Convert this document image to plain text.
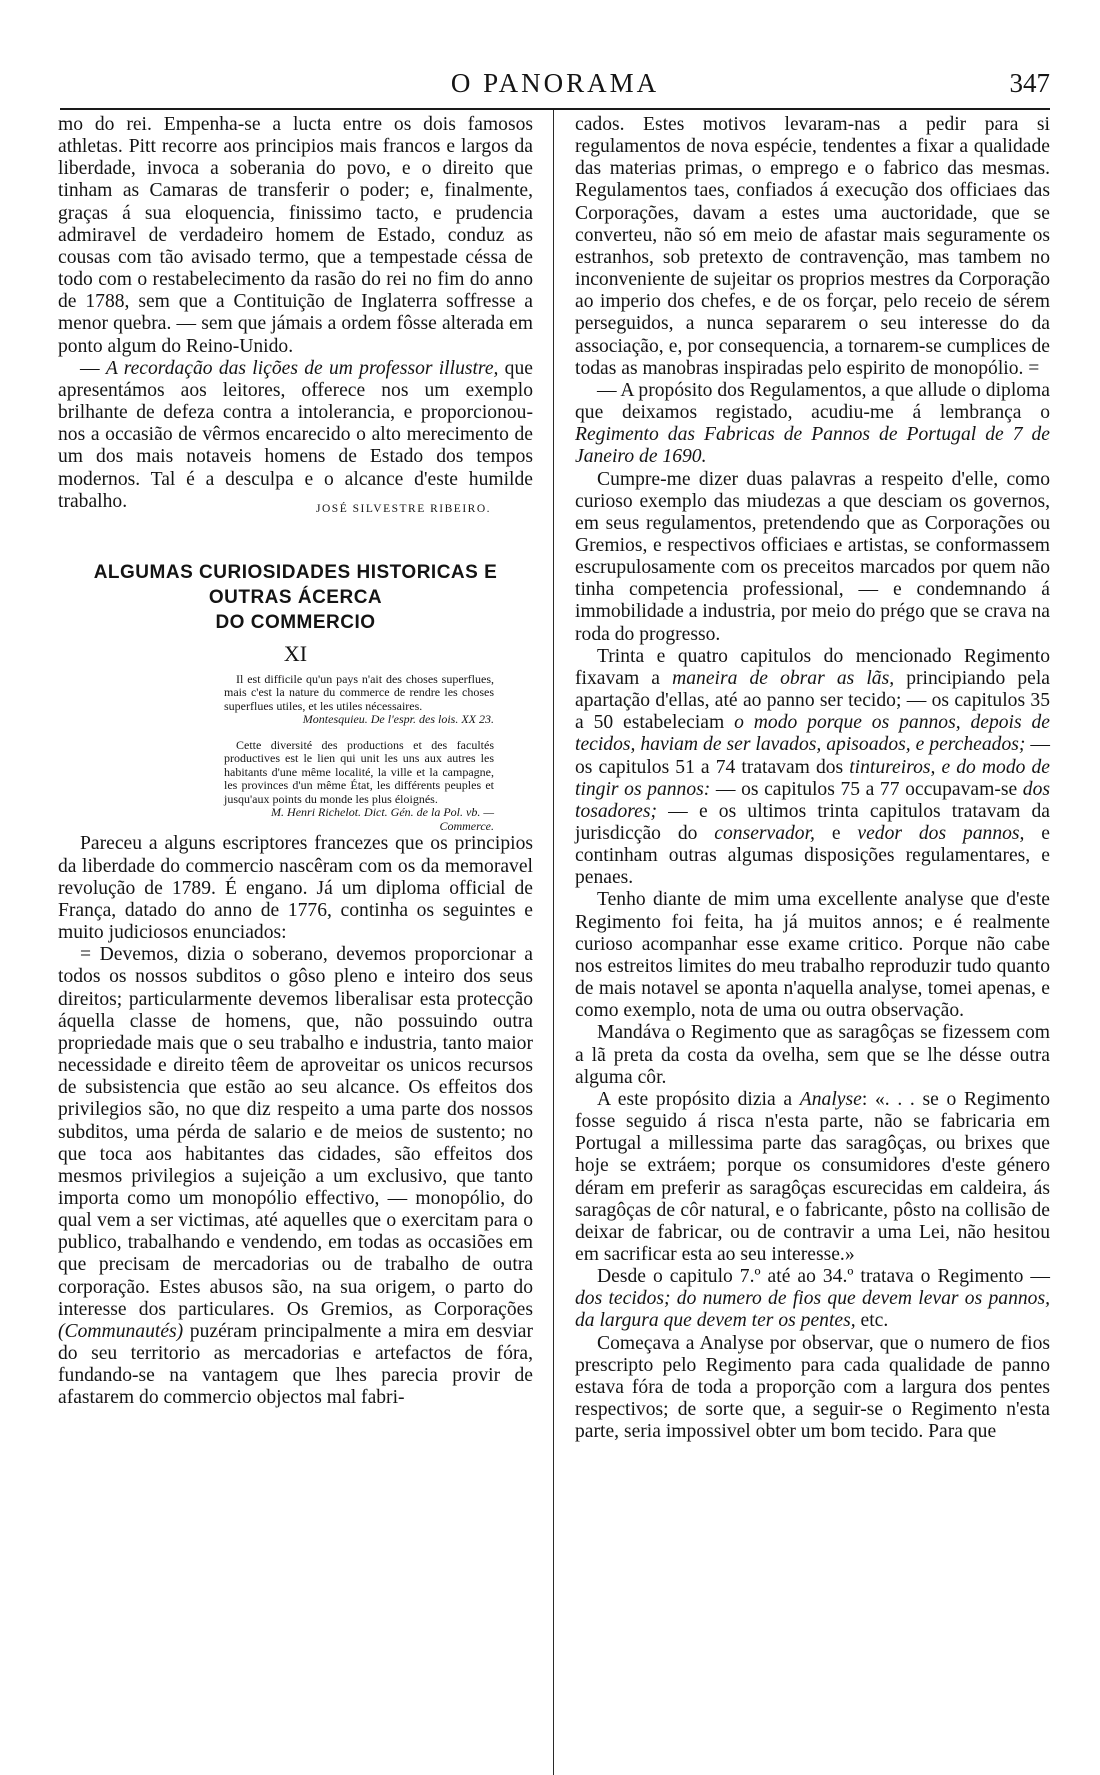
O PANORAMA	347

mo do rei. Empenha-se a lucta entre os dois famosos athletas. Pitt recorre aos principios mais francos e largos da liberdade, invoca a soberania do povo, e o direito que tinham as Camaras de transferir o poder; e, finalmente, graças á sua eloquencia, finissimo tacto, e prudencia admiravel de verdadeiro homem de Estado, conduz as cousas com tão avisado termo, que a tempestade céssa de todo com o restabelecimento da rasão do rei no fim do anno de 1788, sem que a Contituição de Inglaterra soffresse a menor quebra. — sem que jámais a ordem fôsse alterada em ponto algum do Reino-Unido.

— A recordação das lições de um professor illustre, que apresentámos aos leitores, offerece nos um exemplo brilhante de defeza contra a intolerancia, e proporcionou-nos a occasião de vêrmos encarecido o alto merecimento de um dos mais notaveis homens de Estado dos tempos modernos. Tal é a desculpa e o alcance d'este humilde trabalho.	JOSÉ SILVESTRE RIBEIRO.

ALGUMAS CURIOSIDADES HISTORICAS E OUTRAS ÁCERCA
DO COMMERCIO
XI

Il est difficile qu'un pays n'ait des choses superflues, mais c'est la nature du commerce de rendre les choses superflues utiles, et les utiles nécessaires.

Montesquieu. De l'espr. des lois. XX 23.

Cette diversité des productions et des facultés productives est le lien qui unit les uns aux autres les habitants d'une même localité, la ville et la campagne, les provinces d'un même État, les différents peuples et jusqu'aux points du monde les plus éloignés.

M. Henri Richelot. Dict. Gén. de la Pol. vb. — Commerce.

Pareceu a alguns escriptores francezes que os principios da liberdade do commercio nascêram com os da memoravel revolução de 1789. É engano. Já um diploma official de França, datado do anno de 1776, continha os seguintes e muito judiciosos enunciados:

= Devemos, dizia o soberano, devemos proporcionar a todos os nossos subditos o gôso pleno e inteiro dos seus direitos; particularmente devemos liberalisar esta protecção áquella classe de homens, que, não possuindo outra propriedade mais que o seu trabalho e industria, tanto maior necessidade e direito têem de aproveitar os unicos recursos de subsistencia que estão ao seu alcance. Os effeitos dos privilegios são, no que diz respeito a uma parte dos nossos subditos, uma pérda de salario e de meios de sustento; no que toca aos habitantes das cidades, são effeitos dos mesmos privilegios a sujeição a um exclusivo, que tanto importa como um monopólio effectivo, — monopólio, do qual vem a ser victimas, até aquelles que o exercitam para o publico, trabalhando e vendendo, em todas as occasiões em que precisam de mercadorias ou de trabalho de outra corporação. Estes abusos são, na sua origem, o parto do interesse dos particulares. Os Gremios, as Corporações (Communautés) puzéram principalmente a mira em desviar do seu territorio as mercadorias e artefactos de fóra, fundando-se na vantagem que lhes parecia provir de afastarem do commercio objectos mal fabri-

cados. Estes motivos levaram-nas a pedir para si regulamentos de nova espécie, tendentes a fixar a qualidade das materias primas, o emprego e o fabrico das mesmas. Regulamentos taes, confiados á execução dos officiaes das Corporações, davam a estes uma auctoridade, que se converteu, não só em meio de afastar mais seguramente os estranhos, sob pretexto de contravenção, mas tambem no inconveniente de sujeitar os proprios mestres da Corporação ao imperio dos chefes, e de os forçar, pelo receio de sérem perseguidos, a nunca separarem o seu interesse do da associação, e, por consequencia, a tornarem-se cumplices de todas as manobras inspiradas pelo espirito de monopólio. =

— A propósito dos Regulamentos, a que allude o diploma que deixamos registado, acudiu-me á lembrança o Regimento das Fabricas de Pannos de Portugal de 7 de Janeiro de 1690.

Cumpre-me dizer duas palavras a respeito d'elle, como curioso exemplo das miudezas a que desciam os governos, em seus regulamentos, pretendendo que as Corporações ou Gremios, e respectivos officiaes e artistas, se conformassem escrupulosamente com os preceitos marcados por quem não tinha competencia professional, — e condemnando á immobilidade a industria, por meio do prégo que se crava na roda do progresso.

Trinta e quatro capitulos do mencionado Regimento fixavam a maneira de obrar as lãs, principiando pela apartação d'ellas, até ao panno ser tecido; — os capitulos 35 a 50 estabeleciam o modo porque os pannos, depois de tecidos, haviam de ser lavados, apisoados, e percheados; — os capitulos 51 a 74 tratavam dos tintureiros, e do modo de tingir os pannos: — os capitulos 75 a 77 occupavam-se dos tosadores; — e os ultimos trinta capitulos tratavam da jurisdicção do conservador, e vedor dos pannos, e continham outras algumas disposições regulamentares, e penaes.

Tenho diante de mim uma excellente analyse que d'este Regimento foi feita, ha já muitos annos; e é realmente curioso acompanhar esse exame critico. Porque não cabe nos estreitos limites do meu trabalho reproduzir tudo quanto de mais notavel se aponta n'aquella analyse, tomei apenas, e como exemplo, nota de uma ou outra observação.

Mandáva o Regimento que as saragôças se fizessem com a lã preta da costa da ovelha, sem que se lhe désse outra alguma côr.

A este propósito dizia a Analyse: «. . . se o Regimento fosse seguido á risca n'esta parte, não se fabricaria em Portugal a millessima parte das saragôças, ou brixes que hoje se extráem; porque os consumidores d'este género déram em preferir as saragôças escurecidas em caldeira, ás saragôças de côr natural, e o fabricante, pôsto na collisão de deixar de fabricar, ou de contravir a uma Lei, não hesitou em sacrificar esta ao seu interesse.»

Desde o capitulo 7.º até ao 34.º tratava o Regimento — dos tecidos; do numero de fios que devem levar os pannos, da largura que devem ter os pentes, etc.

Começava a Analyse por observar, que o numero de fios prescripto pelo Regimento para cada qualidade de panno estava fóra de toda a proporção com a largura dos pentes respectivos; de sorte que, a seguir-se o Regimento n'esta parte, seria impossivel obter um bom tecido. Para que
